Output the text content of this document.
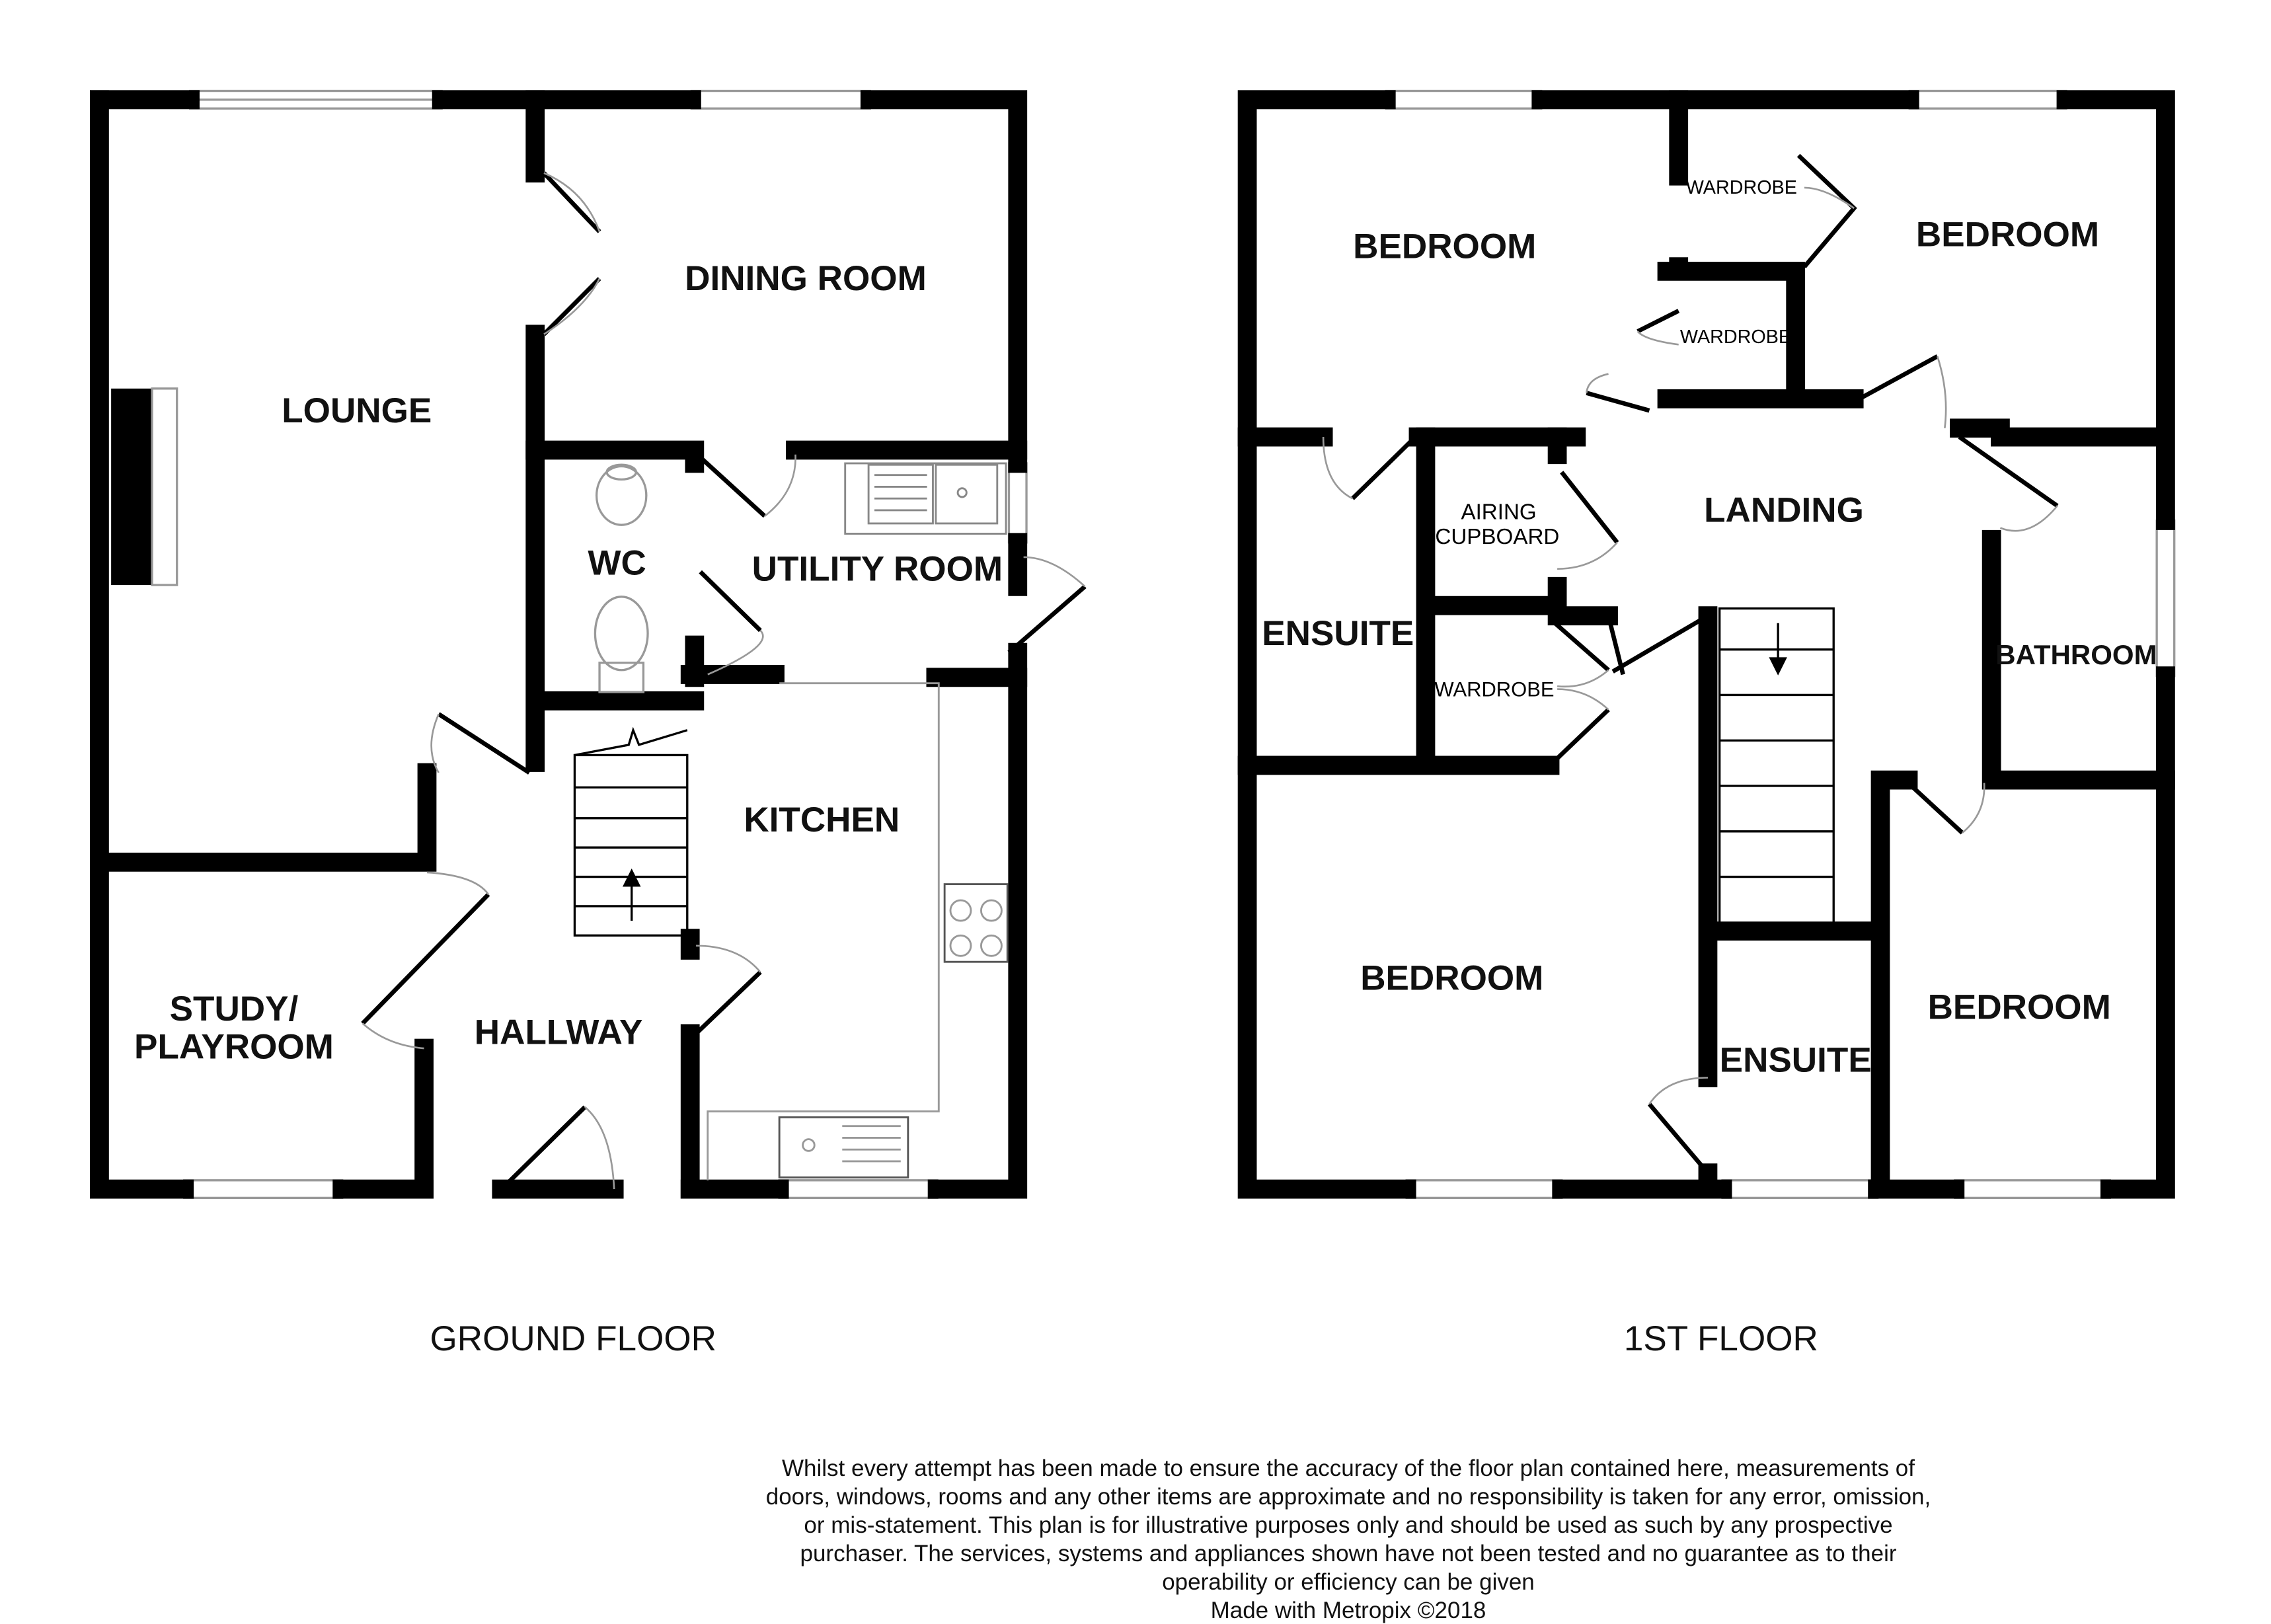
LOUNGE
DINING ROOM
WC	UTILITY ROOM
KITCHEN
STUDY/
PLAYROOM	HALLWAY
GROUND FLOOR
BEDROOM	BEDROOM
WARDROBE
WARDROBE
LANDING
AIRING
CUPBOARD
ENSUITE
WARDROBE
BATHROOM
BEDROOM
ENSUITE
BEDROOM
1ST FLOOR
Whilst every attempt has been made to ensure the accuracy of the floor plan contained here, measurements of doors, windows, rooms and any other items are approximate and no responsibility is taken for any error, omission, or mis-statement. This plan is for illustrative purposes only and should be used as such by any prospective purchaser. The services, systems and appliances shown have not been tested and no guarantee as to their operability or efficiency can be given
Made with Metropix ©2018
